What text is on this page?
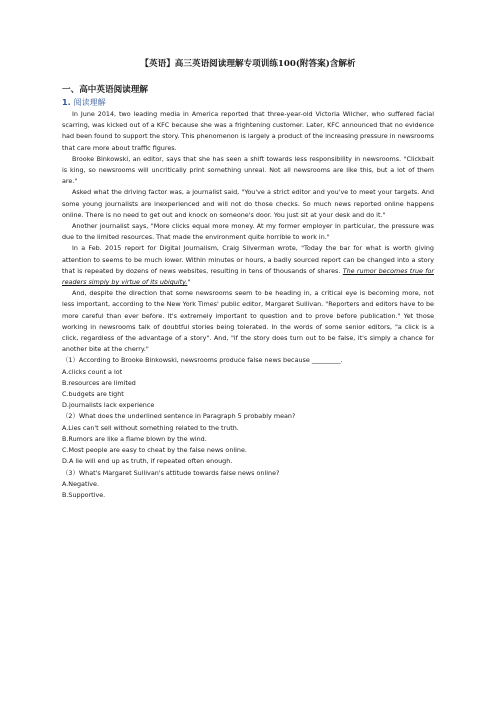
【英语】高三英语阅读理解专项训练100(附答案)含解析
一、高中英语阅读理解
1. 阅读理解

In June 2014, two leading media in America reported that three-year-old Victoria Wilcher, who suffered facial scarring, was kicked out of a KFC because she was a frightening customer. Later, KFC announced that no evidence had been found to support the story. This phenomenon is largely a product of the increasing pressure in newsrooms that care more about traffic figures.

Brooke Binkowski, an editor, says that she has seen a shift towards less responsibility in newsrooms. "Clickbait is king, so newsrooms will uncritically print something unreal. Not all newsrooms are like this, but a lot of them are."

Asked what the driving factor was, a journalist said, "You've a strict editor and you've to meet your targets. And some young journalists are inexperienced and will not do those checks. So much news reported online happens online. There is no need to get out and knock on someone's door. You just sit at your desk and do it."

Another journalist says, "More clicks equal more money. At my former employer in particular, the pressure was due to the limited resources. That made the environment quite horrible to work in."

In a Feb. 2015 report for Digital Journalism, Craig Silverman wrote, "Today the bar for what is worth giving attention to seems to be much lower. Within minutes or hours, a badly sourced report can be changed into a story that is repeated by dozens of news websites, resulting in tens of thousands of shares. The rumor becomes true for readers simply by virtue of its ubiquity."

And, despite the direction that some newsrooms seem to be heading in, a critical eye is becoming more, not less important, according to the New York Times' public editor, Margaret Sullivan. "Reporters and editors have to be more careful than ever before. It's extremely important to question and to prove before publication." Yet those working in newsrooms talk of doubtful stories being tolerated. In the words of some senior editors, "a click is a click, regardless of the advantage of a story". And, "if the story does turn out to be false, it's simply a chance for another bite at the cherry."

（1）According to Brooke Binkowski, newsrooms produce false news because _________.
A.clicks count a lot
B.resources are limited
C.budgets are tight
D.journalists lack experience
（2）What does the underlined sentence in Paragraph 5 probably mean?
A.Lies can't sell without something related to the truth.
B.Rumors are like a flame blown by the wind.
C.Most people are easy to cheat by the false news online.
D.A lie will end up as truth, if repeated often enough.
（3）What's Margaret Sullivan's attitude towards false news online?
A.Negative.
B.Supportive.
